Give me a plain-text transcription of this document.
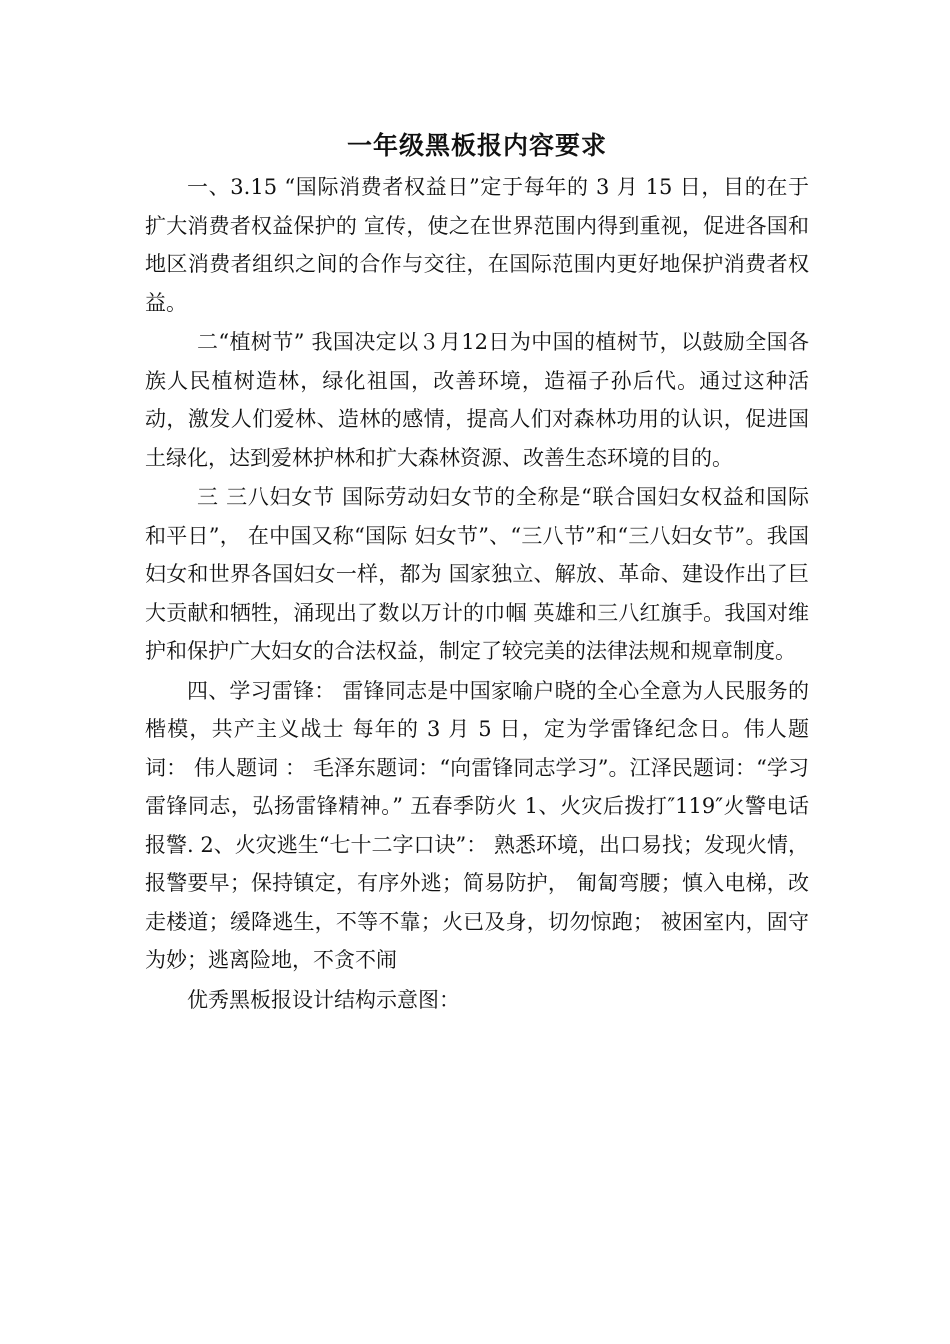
一年级黑板报内容要求

一、3.15 “国际消费者权益日”定于每年的 3 月 15 日，目的在于扩大消费者权益保护的 宣传，使之在世界范围内得到重视，促进各国和地区消费者组织之间的合作与交往，在国际范围内更好地保护消费者权益。

二“植树节” 我国决定以３月12日为中国的植树节，以鼓励全国各族人民植树造林，绿化祖国，改善环境，造福子孙后代。通过这种活动，激发人们爱林、造林的感情，提高人们对森林功用的认识，促进国土绿化，达到爱林护林和扩大森林资源、改善生态环境的目的。

三 三八妇女节 国际劳动妇女节的全称是“联合国妇女权益和国际和平日”， 在中国又称“国际 妇女节”、“三八节”和“三八妇女节”。我国妇女和世界各国妇女一样，都为 国家独立、解放、革命、建设作出了巨大贡献和牺牲，涌现出了数以万计的巾帼 英雄和三八红旗手。我国对维护和保护广大妇女的合法权益，制定了较完美的法律法规和规章制度。

四、学习雷锋： 雷锋同志是中国家喻户晓的全心全意为人民服务的楷模，共产主义战士 每年的 3 月 5 日，定为学雷锋纪念日。伟人题词： 伟人题词 ： 毛泽东题词：“向雷锋同志学习”。江泽民题词：“学习雷锋同志，弘扬雷锋精神。” 五春季防火 1、火灾后拨打″119″火警电话报警. 2、火灾逃生“七十二字口诀”： 熟悉环境，出口易找；发现火情，报警要早；保持镇定，有序外逃；简易防护， 匍匐弯腰；慎入电梯，改走楼道；缓降逃生，不等不靠；火已及身，切勿惊跑； 被困室内，固守为妙；逃离险地，不贪不闹

优秀黑板报设计结构示意图：
